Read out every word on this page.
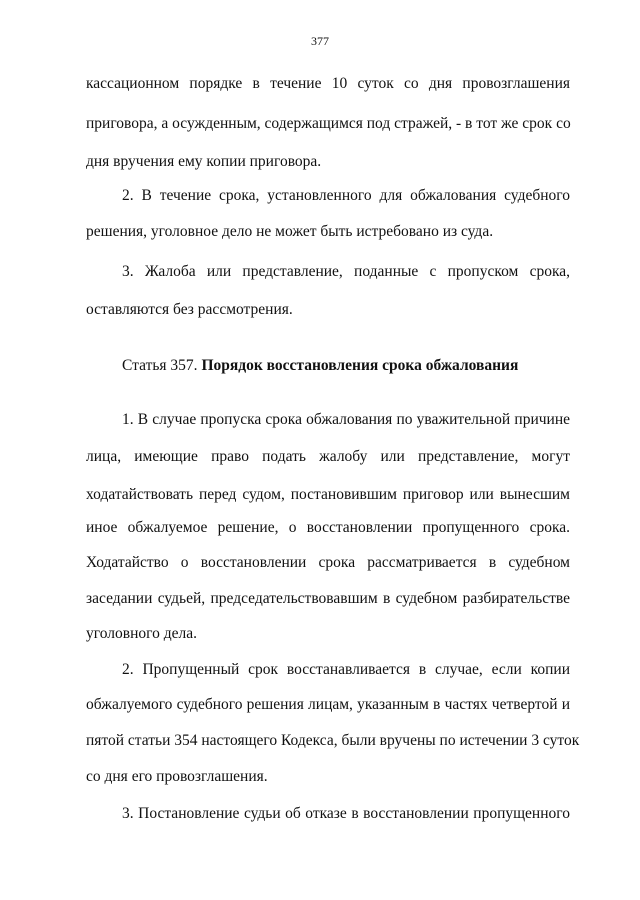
377
кассационном порядке в течение 10 суток со дня провозглашения
приговора, а осужденным, содержащимся под стражей, - в тот же срок со
дня вручения ему копии приговора.
2. В течение срока, установленного для обжалования судебного
решения, уголовное дело не может быть истребовано из суда.
3. Жалоба или представление, поданные с пропуском срока,
оставляются без рассмотрения.
Статья 357. Порядок восстановления срока обжалования
1. В случае пропуска срока обжалования по уважительной причине
лица, имеющие право подать жалобу или представление, могут
ходатайствовать перед судом, постановившим приговор или вынесшим
иное обжалуемое решение, о восстановлении пропущенного срока.
Ходатайство о восстановлении срока рассматривается в судебном
заседании судьей, председательствовавшим в судебном разбирательстве
уголовного дела.
2. Пропущенный срок восстанавливается в случае, если копии
обжалуемого судебного решения лицам, указанным в частях четвертой и
пятой статьи 354 настоящего Кодекса, были вручены по истечении 3 суток
со дня его провозглашения.
3. Постановление судьи об отказе в восстановлении пропущенного
